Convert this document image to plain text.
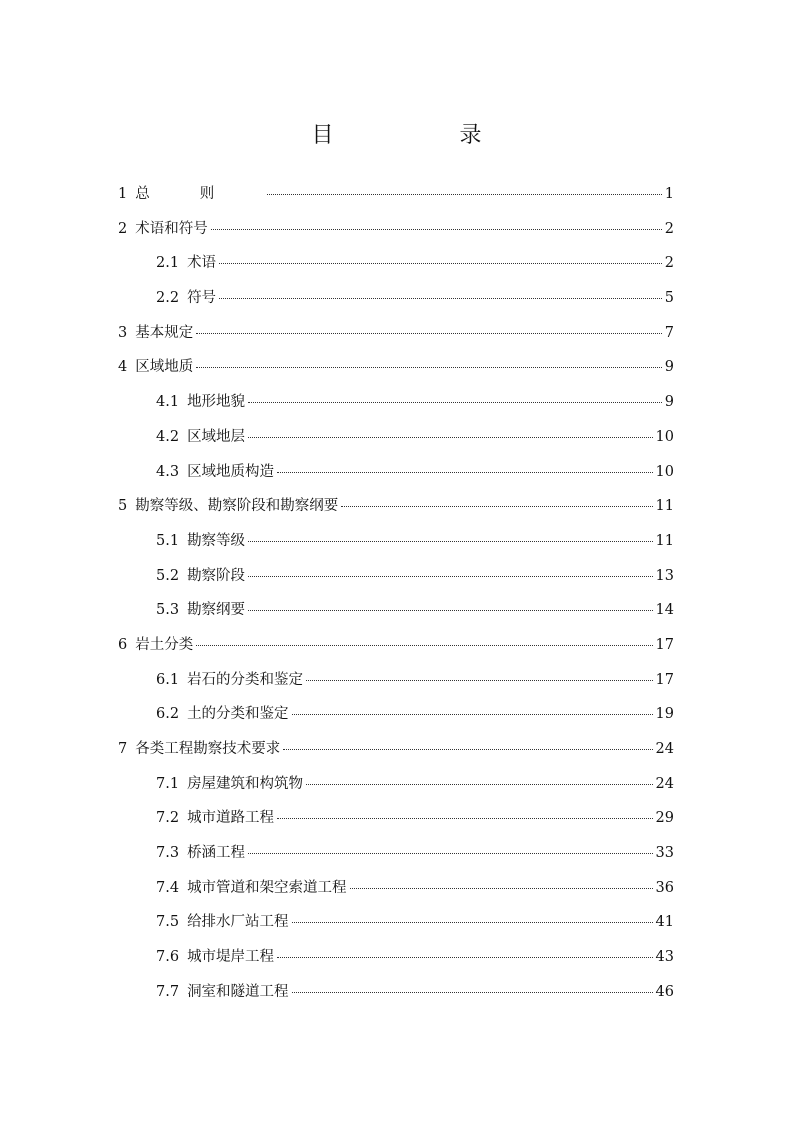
目　录
1 总则	1
2 术语和符号	2
2.1 术语	2
2.2 符号	5
3 基本规定	7
4 区域地质	9
4.1 地形地貌	9
4.2 区域地层	10
4.3 区域地质构造	10
5 勘察等级、勘察阶段和勘察纲要	11
5.1 勘察等级	11
5.2 勘察阶段	13
5.3 勘察纲要	14
6 岩土分类	17
6.1 岩石的分类和鉴定	17
6.2 土的分类和鉴定	19
7 各类工程勘察技术要求	24
7.1 房屋建筑和构筑物	24
7.2 城市道路工程	29
7.3 桥涵工程	33
7.4 城市管道和架空索道工程	36
7.5 给排水厂站工程	41
7.6 城市堤岸工程	43
7.7 洞室和隧道工程	46
